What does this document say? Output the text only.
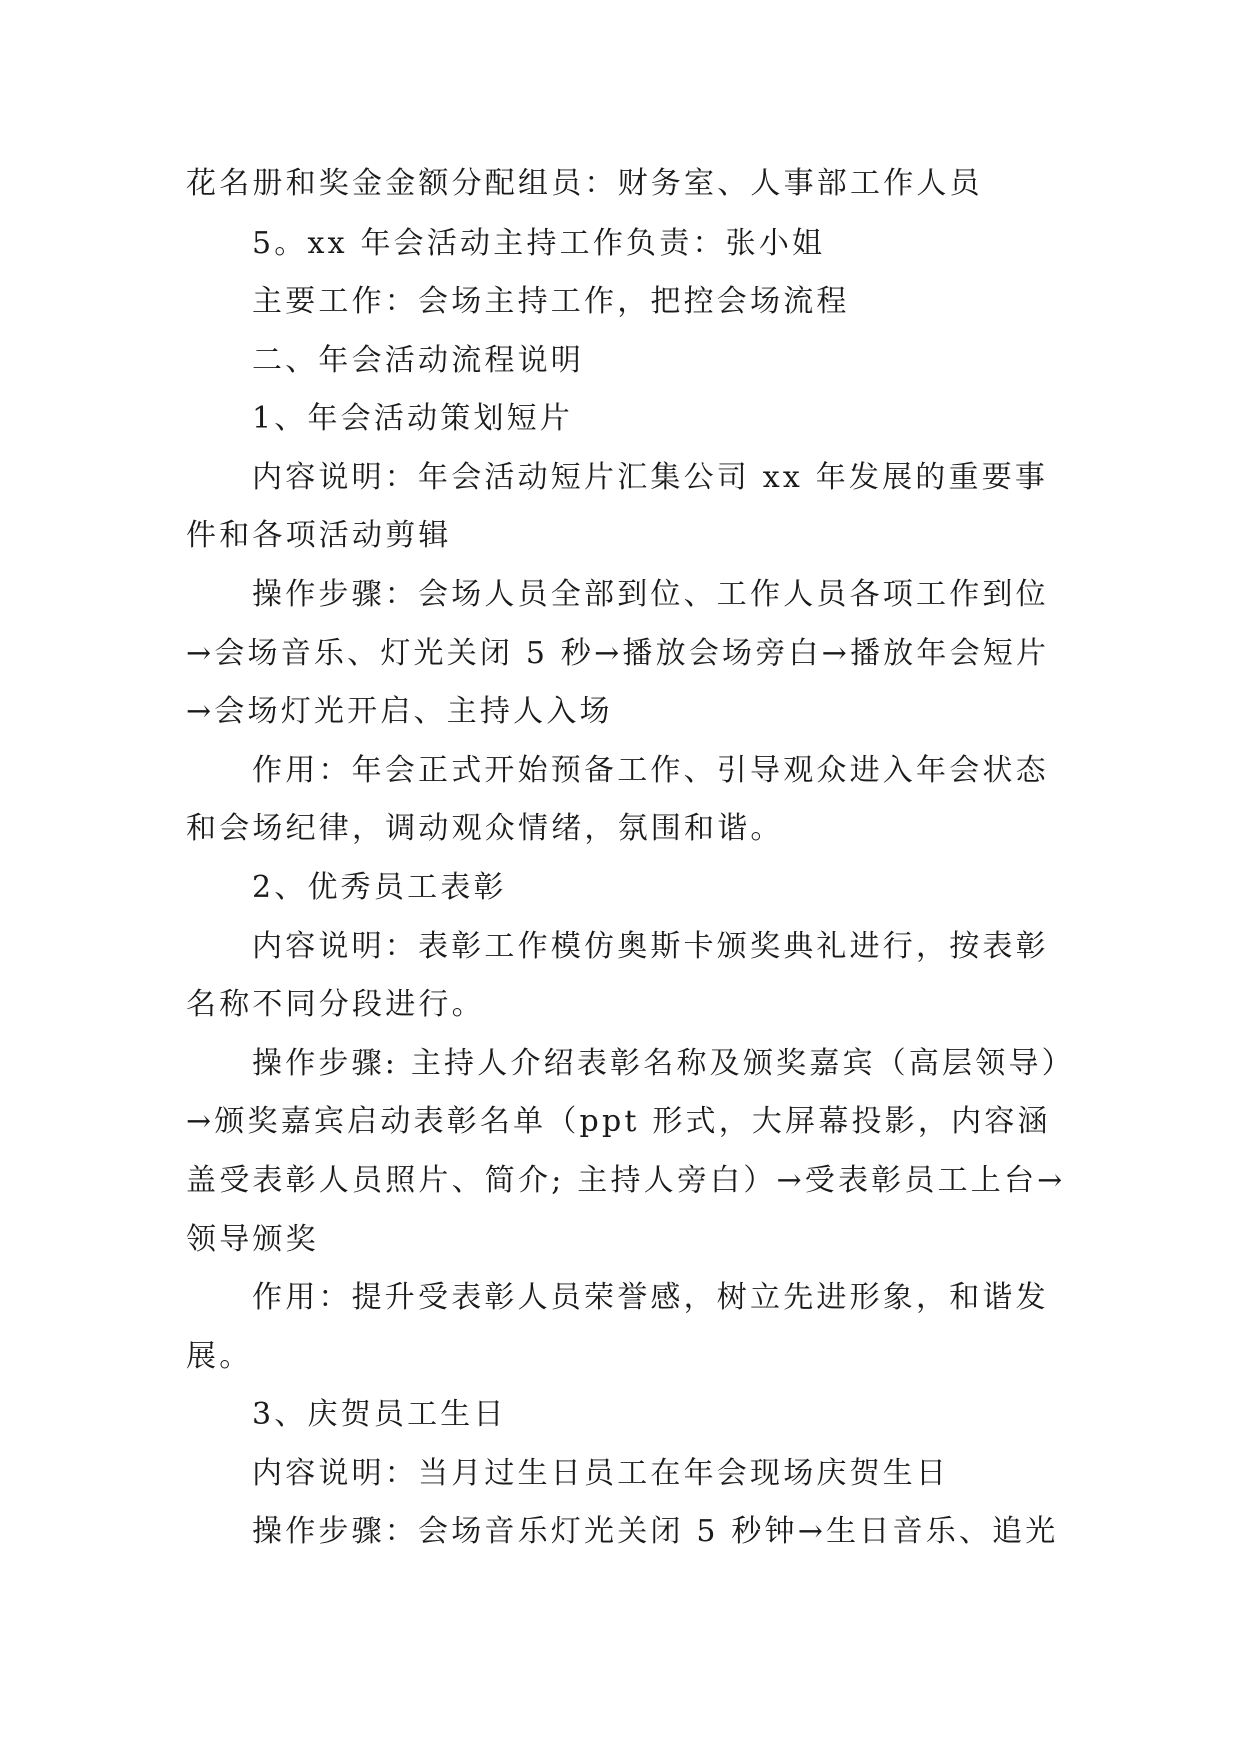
花名册和奖金金额分配组员：财务室、人事部工作人员
5。xx 年会活动主持工作负责：张小姐
主要工作：会场主持工作，把控会场流程
二、年会活动流程说明
1、年会活动策划短片
内容说明：年会活动短片汇集公司 xx 年发展的重要事
件和各项活动剪辑
操作步骤：会场人员全部到位、工作人员各项工作到位
→会场音乐、灯光关闭 5 秒→播放会场旁白→播放年会短片
→会场灯光开启、主持人入场
作用：年会正式开始预备工作、引导观众进入年会状态
和会场纪律，调动观众情绪，氛围和谐。
2、优秀员工表彰
内容说明：表彰工作模仿奥斯卡颁奖典礼进行，按表彰
名称不同分段进行。
操作步骤: 主持人介绍表彰名称及颁奖嘉宾（高层领导）
→颁奖嘉宾启动表彰名单（ppt 形式，大屏幕投影，内容涵
盖受表彰人员照片、简介; 主持人旁白）→受表彰员工上台→
领导颁奖
作用：提升受表彰人员荣誉感，树立先进形象，和谐发
展。
3、庆贺员工生日
内容说明：当月过生日员工在年会现场庆贺生日
操作步骤：会场音乐灯光关闭 5 秒钟→生日音乐、追光
